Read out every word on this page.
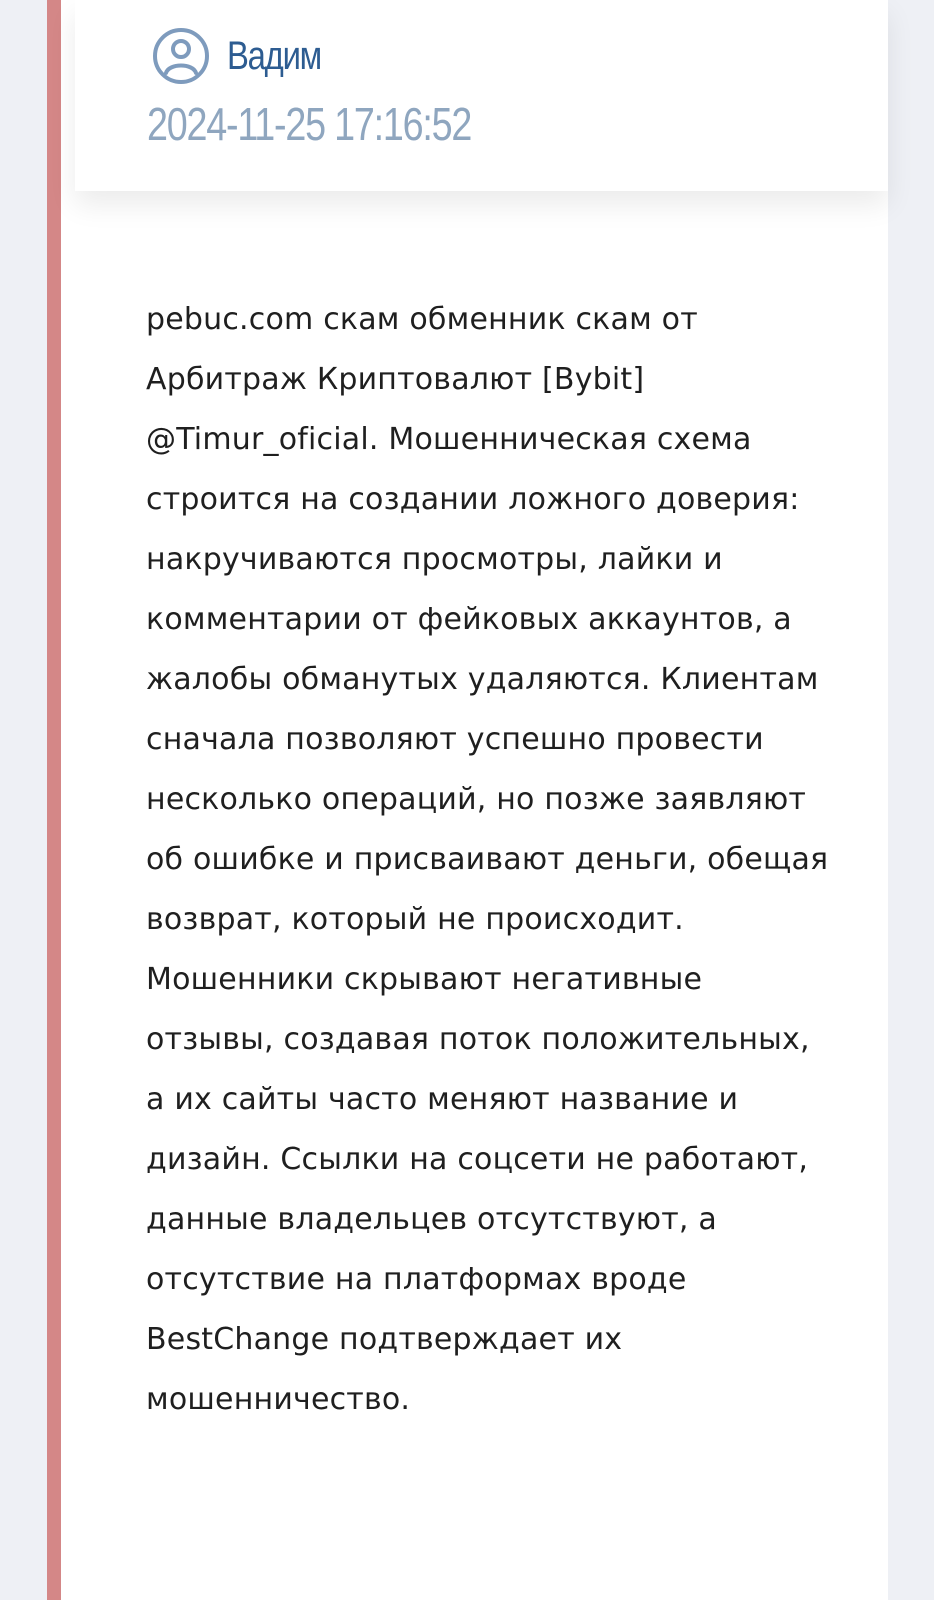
Вадим
2024-11-25 17:16:52

pebuc.com скам обменник скам от Арбитраж Криптовалют [Bybit] @Timur_oficial. Мошенническая схема строится на создании ложного доверия: накручиваются просмотры, лайки и комментарии от фейковых аккаунтов, а жалобы обманутых удаляются. Клиентам сначала позволяют успешно провести несколько операций, но позже заявляют об ошибке и присваивают деньги, обещая возврат, который не происходит. Мошенники скрывают негативные отзывы, создавая поток положительных, а их сайты часто меняют название и дизайн. Ссылки на соцсети не работают, данные владельцев отсутствуют, а отсутствие на платформах вроде BestChange подтверждает их мошенничество.
